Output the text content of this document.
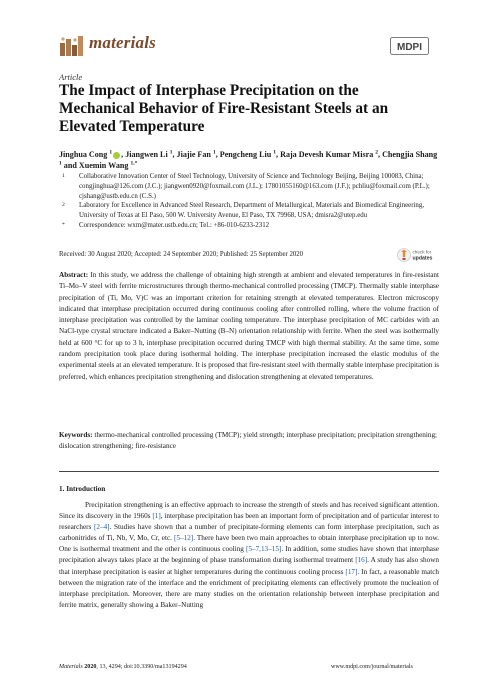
materials	MDPI
Article
The Impact of Interphase Precipitation on the Mechanical Behavior of Fire-Resistant Steels at an Elevated Temperature
Jinghua Cong $^1$ , Jiangwen Li $^1$, Jiajie Fan $^1$, Pengcheng Liu $^1$, Raja Devesh Kumar Misra $^2$, Chengjia Shang $^1$ and Xuemin Wang $^{1,*}$
1 Collaborative Innovation Center of Steel Technology, University of Science and Technology Beijing, Beijing 100083, China; congjinghua@126.com (J.C.); jiangwen0920@foxmail.com (J.L.); 17801055160@163.com (J.F.); pchliu@foxmail.com (P.L.); cjshang@ustb.edu.cn (C.S.)
2 Laboratory for Excellence in Advanced Steel Research, Department of Metallurgical, Materials and Biomedical Engineering, University of Texas at El Paso, 500 W. University Avenue, El Paso, TX 79968, USA; dmisra2@utep.edu
* Correspondence: wxm@mater.ustb.edu.cn; Tel.: +86-010-6233-2312
Received: 30 August 2020; Accepted: 24 September 2020; Published: 25 September 2020	check for
updates
Abstract: In this study, we address the challenge of obtaining high strength at ambient and elevated temperatures in fire-resistant Ti–Mo–V steel with ferrite microstructures through thermo-mechanical controlled processing (TMCP). Thermally stable interphase precipitation of (Ti, Mo, V)C was an important criterion for retaining strength at elevated temperatures. Electron microscopy indicated that interphase precipitation occurred during continuous cooling after controlled rolling, where the volume fraction of interphase precipitation was controlled by the laminar cooling temperature. The interphase precipitation of MC carbides with an NaCl-type crystal structure indicated a Baker–Nutting (B–N) orientation relationship with ferrite. When the steel was isothermally held at 600 °C for up to 3 h, interphase precipitation occurred during TMCP with high thermal stability. At the same time, some random precipitation took place during isothermal holding. The interphase precipitation increased the elastic modulus of the experimental steels at an elevated temperature. It is proposed that fire-resistant steel with thermally stable interphase precipitation is preferred, which enhances precipitation strengthening and dislocation strengthening at elevated temperatures.
Keywords: thermo-mechanical controlled processing (TMCP); yield strength; interphase precipitation; precipitation strengthening; dislocation strengthening; fire-resistance
1. Introduction
Precipitation strengthening is an effective approach to increase the strength of steels and has received significant attention. Since its discovery in the 1960s [1], interphase precipitation has been an important form of precipitation and of particular interest to researchers [2–4]. Studies have shown that a number of precipitate-forming elements can form interphase precipitation, such as carbonitrides of Ti, Nb, V, Mo, Cr, etc. [5–12]. There have been two main approaches to obtain interphase precipitation up to now. One is isothermal treatment and the other is continuous cooling [5–7,13–15]. In addition, some studies have shown that interphase precipitation always takes place at the beginning of phase transformation during isothermal treatment [16]. A study has also shown that interphase precipitation is easier at higher temperatures during the continuous cooling process [17]. In fact, a reasonable match between the migration rate of the interface and the enrichment of precipitating elements can effectively promote the nucleation of interphase precipitation. Moreover, there are many studies on the orientation relationship between interphase precipitation and ferrite matrix, generally showing a Baker–Nutting
Materials 2020, 13, 4294; doi:10.3390/ma13194294	www.mdpi.com/journal/materials
